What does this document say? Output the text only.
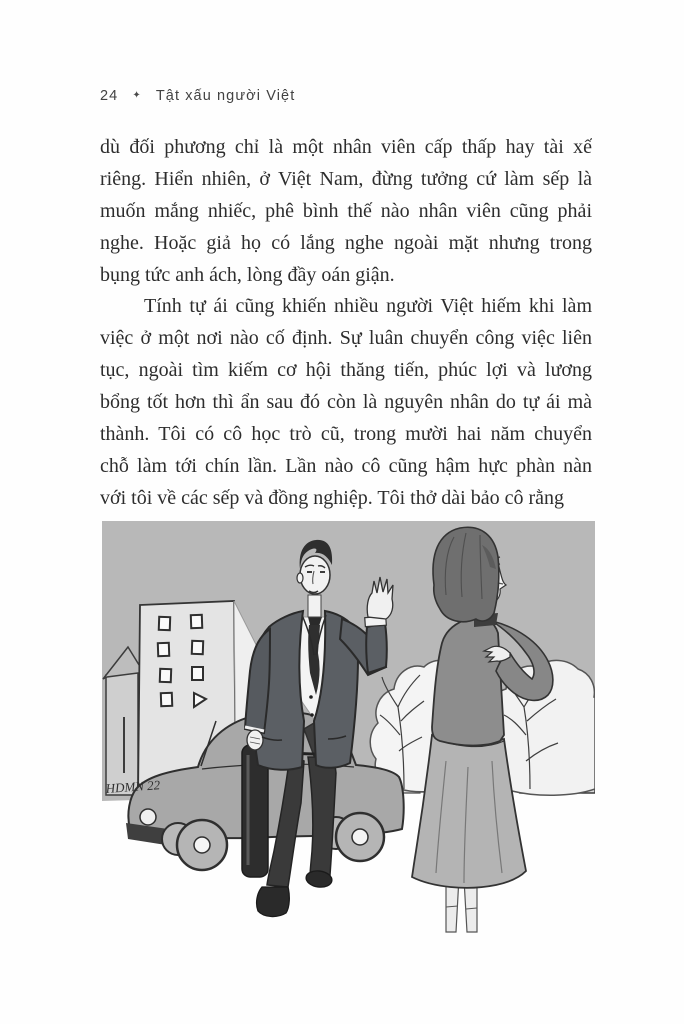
24 ✦ Tật xấu người Việt
dù đối phương chỉ là một nhân viên cấp thấp hay tài xế
riêng. Hiển nhiên, ở Việt Nam, đừng tưởng cứ làm sếp là
muốn mắng nhiếc, phê bình thế nào nhân viên cũng phải
nghe. Hoặc giả họ có lắng nghe ngoài mặt nhưng trong
bụng tức anh ách, lòng đầy oán giận.
Tính tự ái cũng khiến nhiều người Việt hiếm khi làm
việc ở một nơi nào cố định. Sự luân chuyển công việc liên
tục, ngoài tìm kiếm cơ hội thăng tiến, phúc lợi và lương
bổng tốt hơn thì ẩn sau đó còn là nguyên nhân do tự ái mà
thành. Tôi có cô học trò cũ, trong mười hai năm chuyển
chỗ làm tới chín lần. Lần nào cô cũng hậm hực phàn nàn
với tôi về các sếp và đồng nghiệp. Tôi thở dài bảo cô rằng
HDMN 22
